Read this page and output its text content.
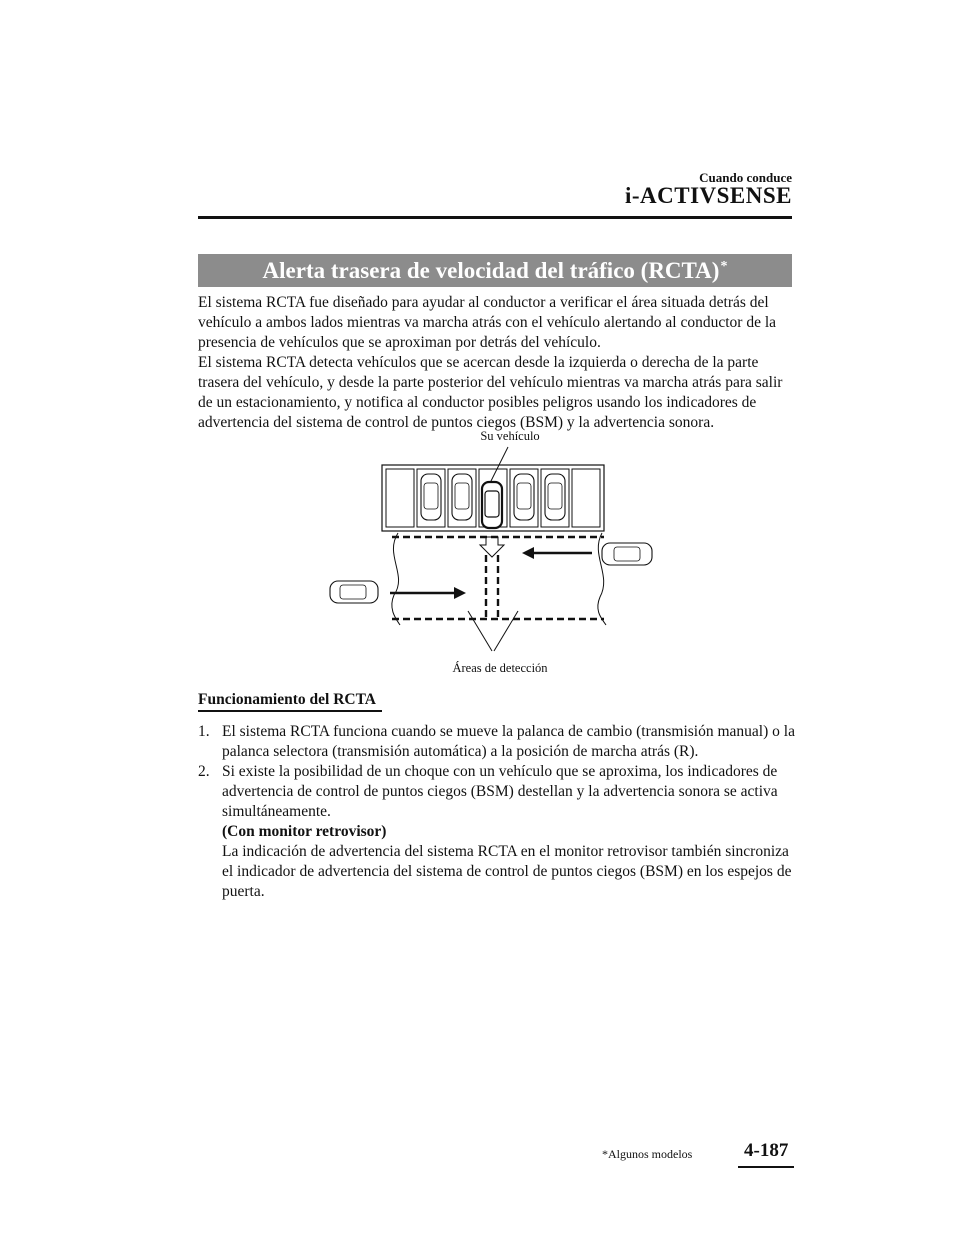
Cuando conduce
i-ACTIVSENSE
Alerta trasera de velocidad del tráfico (RCTA)*
El sistema RCTA fue diseñado para ayudar al conductor a verificar el área situada detrás del vehículo a ambos lados mientras va marcha atrás con el vehículo alertando al conductor de la presencia de vehículos que se aproximan por detrás del vehículo.
El sistema RCTA detecta vehículos que se acercan desde la izquierda o derecha de la parte trasera del vehículo, y desde la parte posterior del vehículo mientras va marcha atrás para salir de un estacionamiento, y notifica al conductor posibles peligros usando los indicadores de advertencia del sistema de control de puntos ciegos (BSM) y la advertencia sonora.
Su vehículo
Áreas de detección
Funcionamiento del RCTA
1. El sistema RCTA funciona cuando se mueve la palanca de cambio (transmisión manual) o la palanca selectora (transmisión automática) a la posición de marcha atrás (R).
2. Si existe la posibilidad de un choque con un vehículo que se aproxima, los indicadores de advertencia de control de puntos ciegos (BSM) destellan y la advertencia sonora se activa simultáneamente.
(Con monitor retrovisor)
La indicación de advertencia del sistema RCTA en el monitor retrovisor también sincroniza el indicador de advertencia del sistema de control de puntos ciegos (BSM) en los espejos de puerta.
*Algunos modelos	4-187
